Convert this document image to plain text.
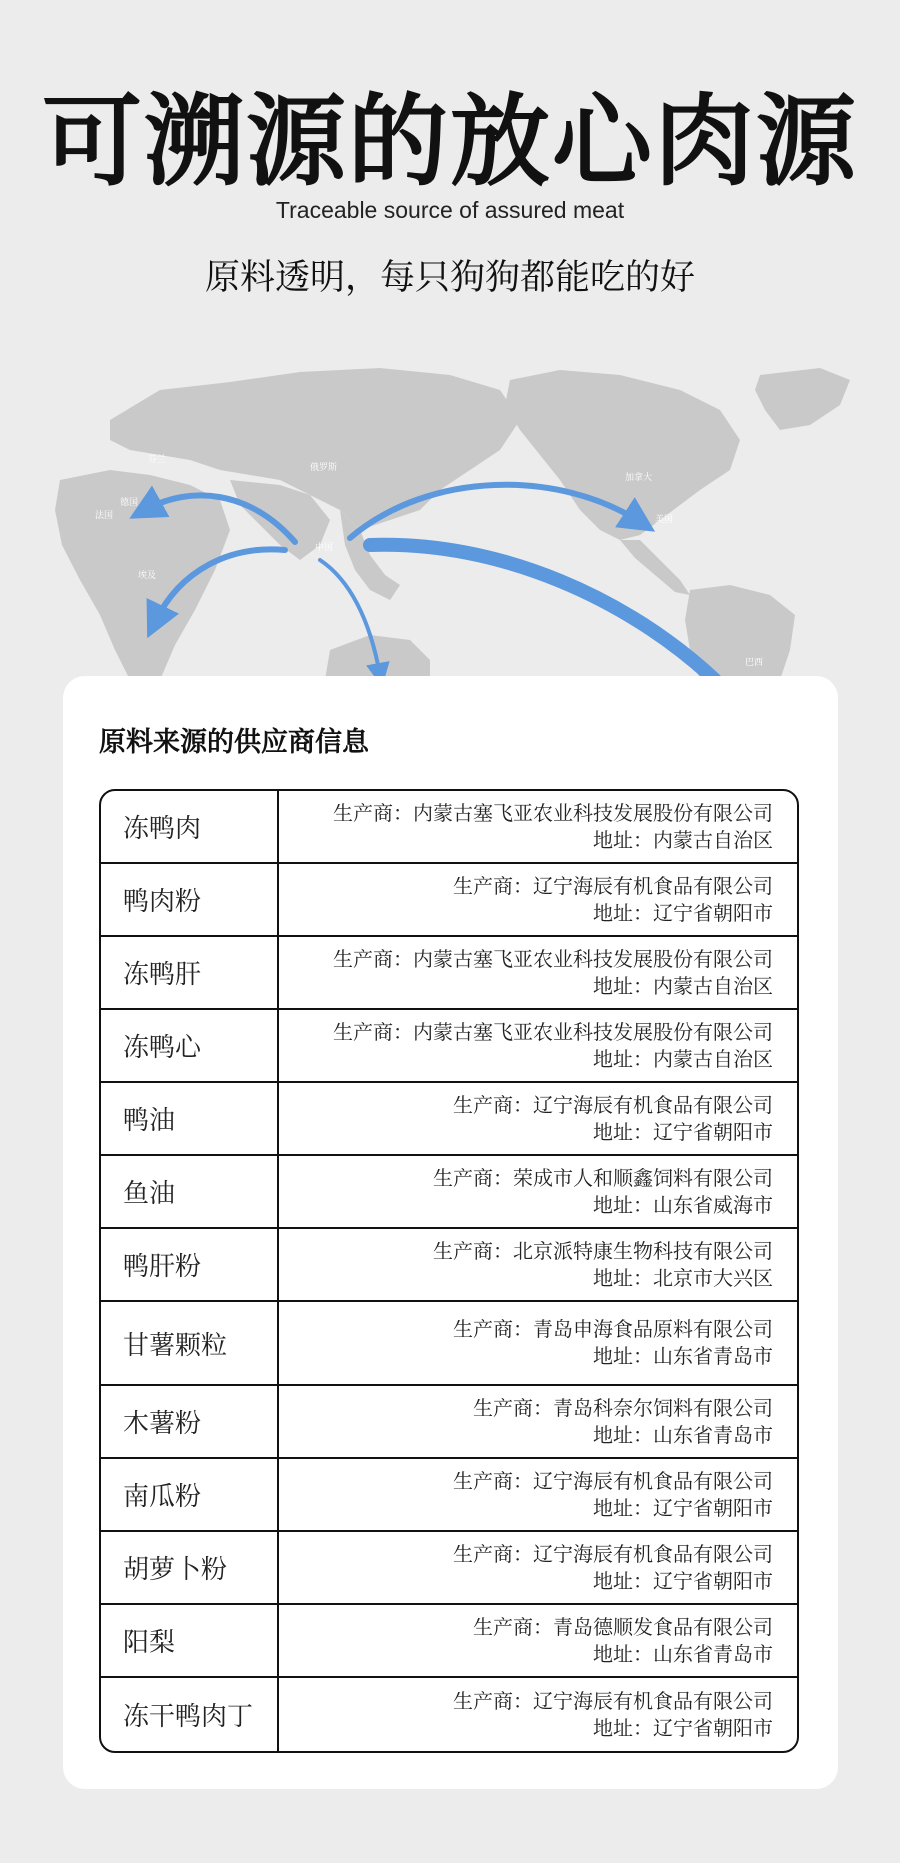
可溯源的放心肉源
Traceable source of assured meat
原料透明，每只狗狗都能吃的好
芬兰
俄罗斯
德国
法国
中国
埃及
加拿大
美国
巴西
原料来源的供应商信息
冻鸭肉
生产商：内蒙古塞飞亚农业科技发展股份有限公司
地址：内蒙古自治区
鸭肉粉
生产商：辽宁海辰有机食品有限公司
地址：辽宁省朝阳市
冻鸭肝
生产商：内蒙古塞飞亚农业科技发展股份有限公司
地址：内蒙古自治区
冻鸭心
生产商：内蒙古塞飞亚农业科技发展股份有限公司
地址：内蒙古自治区
鸭油
生产商：辽宁海辰有机食品有限公司
地址：辽宁省朝阳市
鱼油
生产商：荣成市人和顺鑫饲料有限公司
地址：山东省威海市
鸭肝粉
生产商：北京派特康生物科技有限公司
地址：北京市大兴区
甘薯颗粒
生产商：青岛申海食品原料有限公司
地址：山东省青岛市
木薯粉
生产商：青岛科奈尔饲料有限公司
地址：山东省青岛市
南瓜粉
生产商：辽宁海辰有机食品有限公司
地址：辽宁省朝阳市
胡萝卜粉
生产商：辽宁海辰有机食品有限公司
地址：辽宁省朝阳市
阳梨
生产商：青岛德顺发食品有限公司
地址：山东省青岛市
冻干鸭肉丁
生产商：辽宁海辰有机食品有限公司
地址：辽宁省朝阳市
